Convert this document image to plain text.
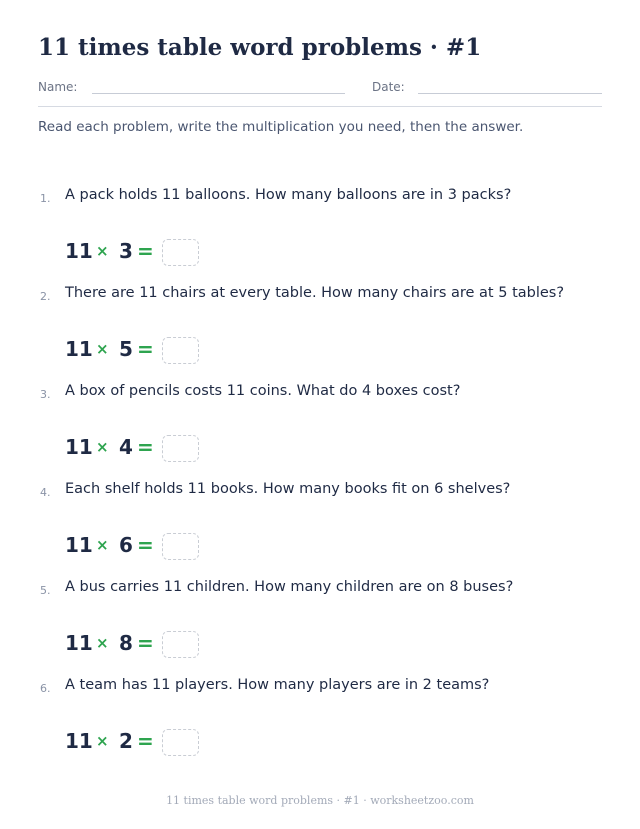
11 times table word problems · #1
Name:	Date:
Read each problem, write the multiplication you need, then the answer.
1. A pack holds 11 balloons. How many balloons are in 3 packs?
11 × 3 =
2. There are 11 chairs at every table. How many chairs are at 5 tables?
11 × 5 =
3. A box of pencils costs 11 coins. What do 4 boxes cost?
11 × 4 =
4. Each shelf holds 11 books. How many books fit on 6 shelves?
11 × 6 =
5. A bus carries 11 children. How many children are on 8 buses?
11 × 8 =
6. A team has 11 players. How many players are in 2 teams?
11 × 2 =
11 times table word problems · #1 · worksheetzoo.com
